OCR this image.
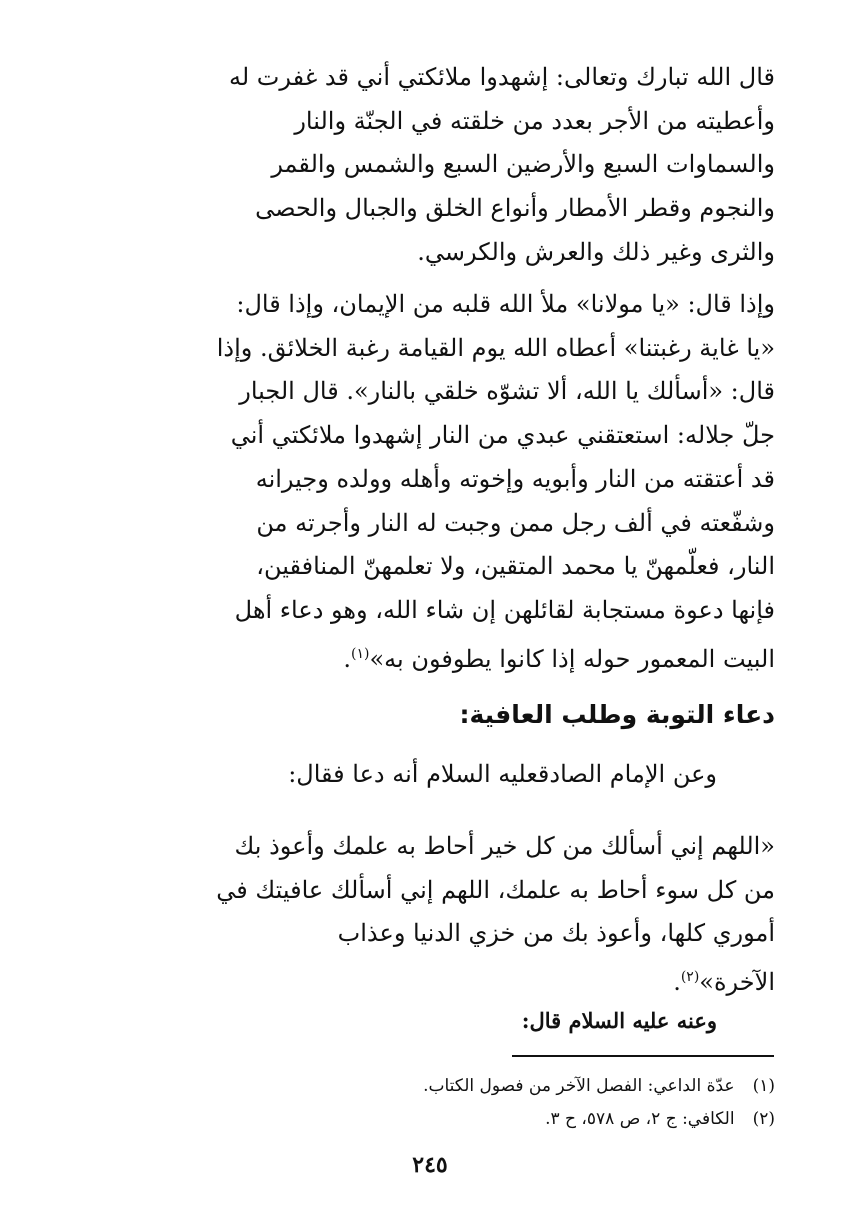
قال الله تبارك وتعالى: إشهدوا ملائكتي أني قد غفرت له
وأعطيته من الأجر بعدد من خلقته في الجنّة والنار
والسماوات السبع والأرضين السبع والشمس والقمر
والنجوم وقطر الأمطار وأنواع الخلق والجبال والحصى
والثرى وغير ذلك والعرش والكرسي.
وإذا قال: «يا مولانا» ملأ الله قلبه من الإيمان، وإذا قال:
«يا غاية رغبتنا» أعطاه الله يوم القيامة رغبة الخلائق. وإذا
قال: «أسألك يا الله، ألا تشوّه خلقي بالنار». قال الجبار
جلّ جلاله: استعتقني عبدي من النار إشهدوا ملائكتي أني
قد أعتقته من النار وأبويه وإخوته وأهله وولده وجيرانه
وشفّعته في ألف رجل ممن وجبت له النار وأجرته من
النار، فعلّمهنّ يا محمد المتقين، ولا تعلمهنّ المنافقين،
فإنها دعوة مستجابة لقائلهن إن شاء الله، وهو دعاء أهل
البيت المعمور حوله إذا كانوا يطوفون به»$^{(١)}$.
دعاء التوبة وطلب العافية:
وعن الإمام الصادقعليه السلام أنه دعا فقال:
«اللهم إني أسألك من كل خير أحاط به علمك وأعوذ بك
من كل سوء أحاط به علمك، اللهم إني أسألك عافيتك في
أموري كلها، وأعوذ بك من خزي الدنيا وعذاب
الآخرة»$^{(٢)}$.
وعنه عليه السلام قال:
(١)عدّة الداعي: الفصل الآخر من فصول الكتاب.
(٢)الكافي: ج ٢، ص ٥٧٨، ح ٣.
٢٤٥
